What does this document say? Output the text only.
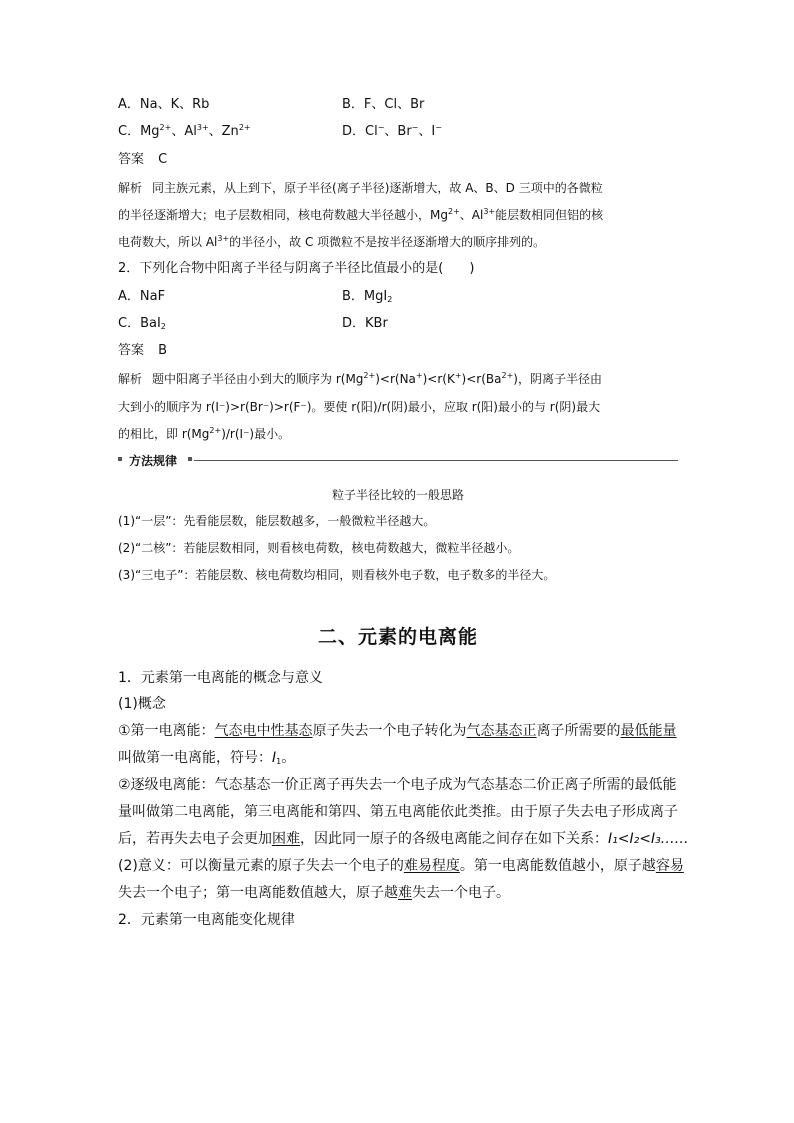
A．Na、K、Rb	B．F、Cl、Br
C．$Mg^{2+}$、$Al^{3+}$、$Zn^{2+}$	D．Cl−、Br−、I−
答案 C
解析 同主族元素，从上到下，原子半径(离子半径)逐渐增大，故 A、B、D 三项中的各微粒
的半径逐渐增大；电子层数相同，核电荷数越大半径越小，$Mg^{2+}$、$Al^{3+}$能层数相同但铝的核
电荷数大，所以 $Al^{3+}$的半径小，故 C 项微粒不是按半径逐渐增大的顺序排列的。
2．下列化合物中阳离子半径与阴离子半径比值最小的是(　　)
A．NaF	B．MgI$_2$
C．BaI$_2$	D．KBr
答案 B
解析 题中阳离子半径由小到大的顺序为 $r(Mg^{2+})<r(Na^+)<r(K^+)<r(Ba^{2+})$，阴离子半径由
大到小的顺序为 r(I⁻)>r(Br⁻)>r(F⁻)。要使 r(阳)/r(阴)最小，应取 r(阳)最小的与 r(阴)最大
的相比，即 $r(Mg^{2+})/r(I^-)$最小。
方法规律
粒子半径比较的一般思路
(1)“一层”：先看能层数，能层数越多，一般微粒半径越大。
(2)“二核”：若能层数相同，则看核电荷数，核电荷数越大，微粒半径越小。
(3)“三电子”：若能层数、核电荷数均相同，则看核外电子数，电子数多的半径大。
二、元素的电离能
1．元素第一电离能的概念与意义
(1)概念
①第一电离能：气态电中性基态原子失去一个电子转化为气态基态正离子所需要的最低能量
叫做第一电离能，符号：$I_1$。
②逐级电离能：气态基态一价正离子再失去一个电子成为气态基态二价正离子所需的最低能
量叫做第二电离能，第三电离能和第四、第五电离能依此类推。由于原子失去电子形成离子
后，若再失去电子会更加困难，因此同一原子的各级电离能之间存在如下关系：I₁<I₂<I₃……
(2)意义：可以衡量元素的原子失去一个电子的难易程度。第一电离能数值越小，原子越容易
失去一个电子；第一电离能数值越大，原子越难失去一个电子。
2．元素第一电离能变化规律
